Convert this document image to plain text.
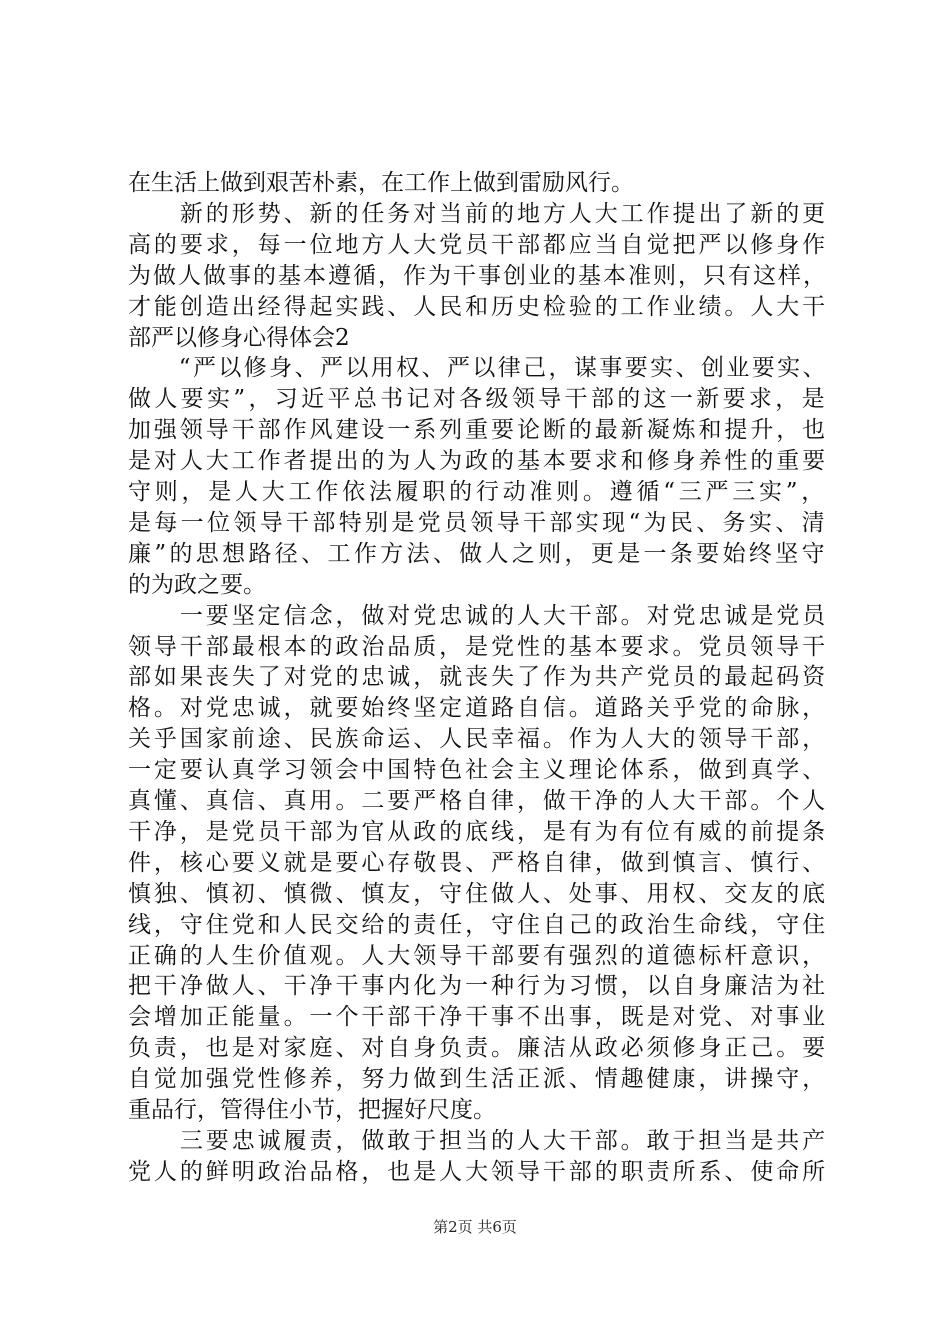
在生活上做到艰苦朴素，在工作上做到雷励风行。
　　新的形势、新的任务对当前的地方人大工作提出了新的更
高的要求，每一位地方人大党员干部都应当自觉把严以修身作
为做人做事的基本遵循，作为干事创业的基本准则，只有这样，
才能创造出经得起实践、人民和历史检验的工作业绩。人大干
部严以修身心得体会2
　　“严以修身、严以用权、严以律己，谋事要实、创业要实、
做人要实”，习近平总书记对各级领导干部的这一新要求，是
加强领导干部作风建设一系列重要论断的最新凝炼和提升，也
是对人大工作者提出的为人为政的基本要求和修身养性的重要
守则，是人大工作依法履职的行动准则。遵循“三严三实”，
是每一位领导干部特别是党员领导干部实现“为民、务实、清
廉”的思想路径、工作方法、做人之则，更是一条要始终坚守
的为政之要。
　　一要坚定信念，做对党忠诚的人大干部。对党忠诚是党员
领导干部最根本的政治品质，是党性的基本要求。党员领导干
部如果丧失了对党的忠诚，就丧失了作为共产党员的最起码资
格。对党忠诚，就要始终坚定道路自信。道路关乎党的命脉，
关乎国家前途、民族命运、人民幸福。作为人大的领导干部，
一定要认真学习领会中国特色社会主义理论体系，做到真学、
真懂、真信、真用。二要严格自律，做干净的人大干部。个人
干净，是党员干部为官从政的底线，是有为有位有威的前提条
件，核心要义就是要心存敬畏、严格自律，做到慎言、慎行、
慎独、慎初、慎微、慎友，守住做人、处事、用权、交友的底
线，守住党和人民交给的责任，守住自己的政治生命线，守住
正确的人生价值观。人大领导干部要有强烈的道德标杆意识，
把干净做人、干净干事内化为一种行为习惯，以自身廉洁为社
会增加正能量。一个干部干净干事不出事，既是对党、对事业
负责，也是对家庭、对自身负责。廉洁从政必须修身正己。要
自觉加强党性修养，努力做到生活正派、情趣健康，讲操守，
重品行，管得住小节，把握好尺度。
　　三要忠诚履责，做敢于担当的人大干部。敢于担当是共产
党人的鲜明政治品格，也是人大领导干部的职责所系、使命所
第2页 共6页
